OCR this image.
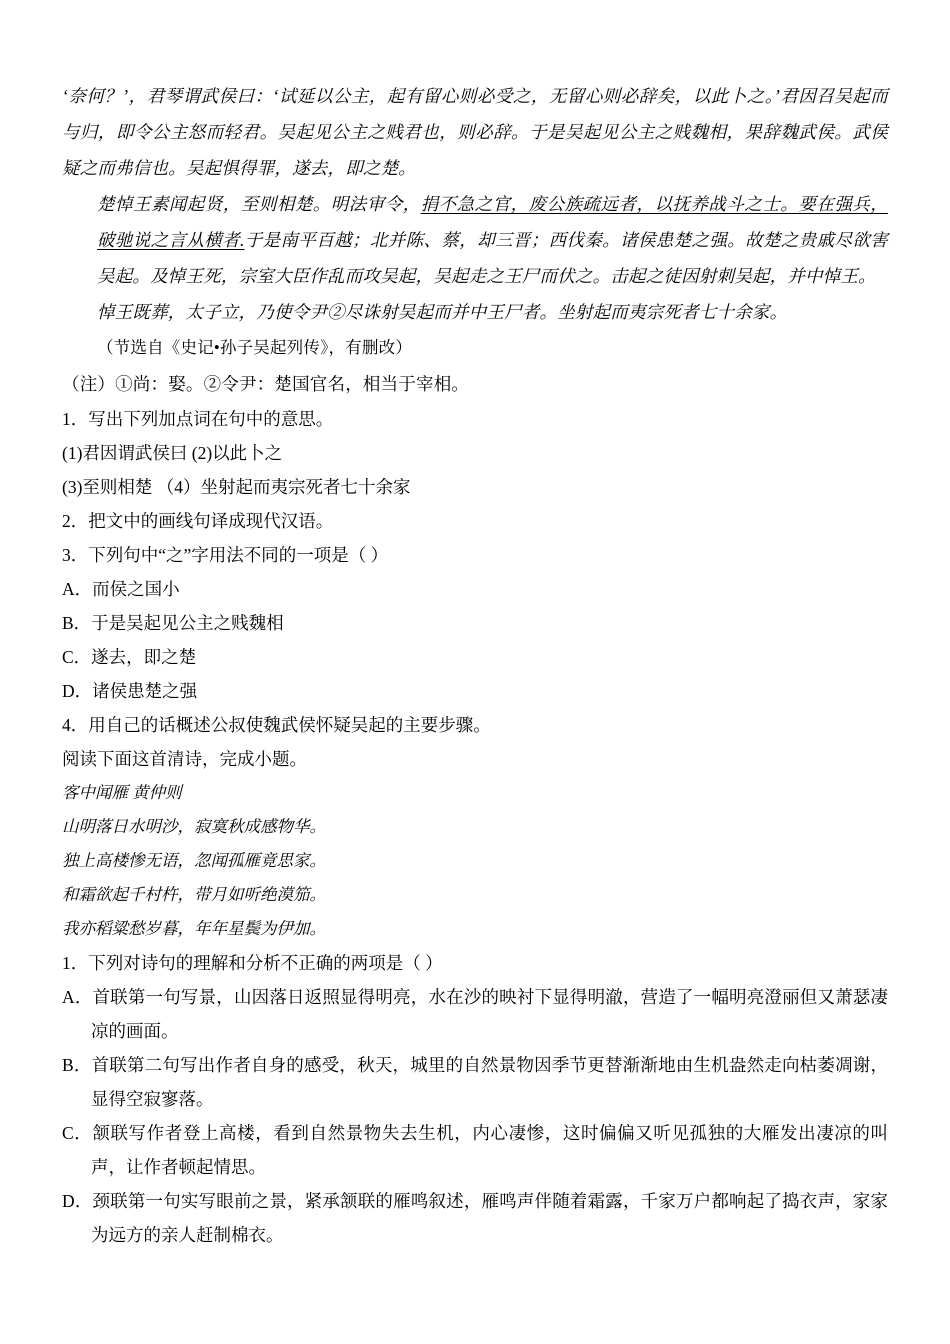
‘奈何？’，君琴谓武侯曰：‘试延以公主，起有留心则必受之，无留心则必辞矣，以此卜之。’君因召吴起而与归，即令公主怒而轻君。吴起见公主之贱君也，则必辞。于是吴起见公主之贱魏相，果辞魏武侯。武侯疑之而弗信也。吴起惧得罪，遂去，即之楚。
楚悼王素闻起贤，至则相楚。明法审令，捐不急之官，废公族疏远者，以抚养战斗之士。要在强兵，破驰说之言从横者.于是南平百越；北并陈、蔡，却三晋；西伐秦。诸侯患楚之强。故楚之贵戚尽欲害吴起。及悼王死，宗室大臣作乱而攻吴起，吴起走之王尸而伏之。击起之徒因射刺吴起，并中悼王。
悼王既葬，太子立，乃使令尹②尽诛射吴起而并中王尸者。坐射起而夷宗死者七十余家。
（节选自《史记•孙子吴起列传》，有删改）
（注）①尚：娶。②令尹：楚国官名，相当于宰相。
1．写出下列加点词在句中的意思。
(1)君因谓武侯曰 (2)以此卜之
(3)至则相楚 （4）坐射起而夷宗死者七十余家
2．把文中的画线句译成现代汉语。
3．下列句中“之”字用法不同的一项是（ ）
A．而侯之国小
B．于是吴起见公主之贱魏相
C．遂去，即之楚
D．诸侯患楚之强
4．用自己的话概述公叔使魏武侯怀疑吴起的主要步骤。
阅读下面这首清诗，完成小题。
客中闻雁 黄仲则
山明落日水明沙，寂寞秋成感物华。
独上高楼惨无语，忽闻孤雁竟思家。
和霜欲起千村杵，带月如听绝漠笳。
我亦稻粱愁岁暮，年年星鬓为伊加。
1．下列对诗句的理解和分析不正确的两项是（ ）
A．首联第一句写景，山因落日返照显得明亮，水在沙的映衬下显得明澈，营造了一幅明亮澄丽但又萧瑟凄凉的画面。
B．首联第二句写出作者自身的感受，秋天，城里的自然景物因季节更替渐渐地由生机盎然走向枯萎凋谢，显得空寂寥落。
C．颔联写作者登上高楼，看到自然景物失去生机，内心凄惨，这时偏偏又听见孤独的大雁发出凄凉的叫声，让作者顿起情思。
D．颈联第一句实写眼前之景，紧承颔联的雁鸣叙述，雁鸣声伴随着霜露，千家万户都响起了捣衣声，家家为远方的亲人赶制棉衣。
